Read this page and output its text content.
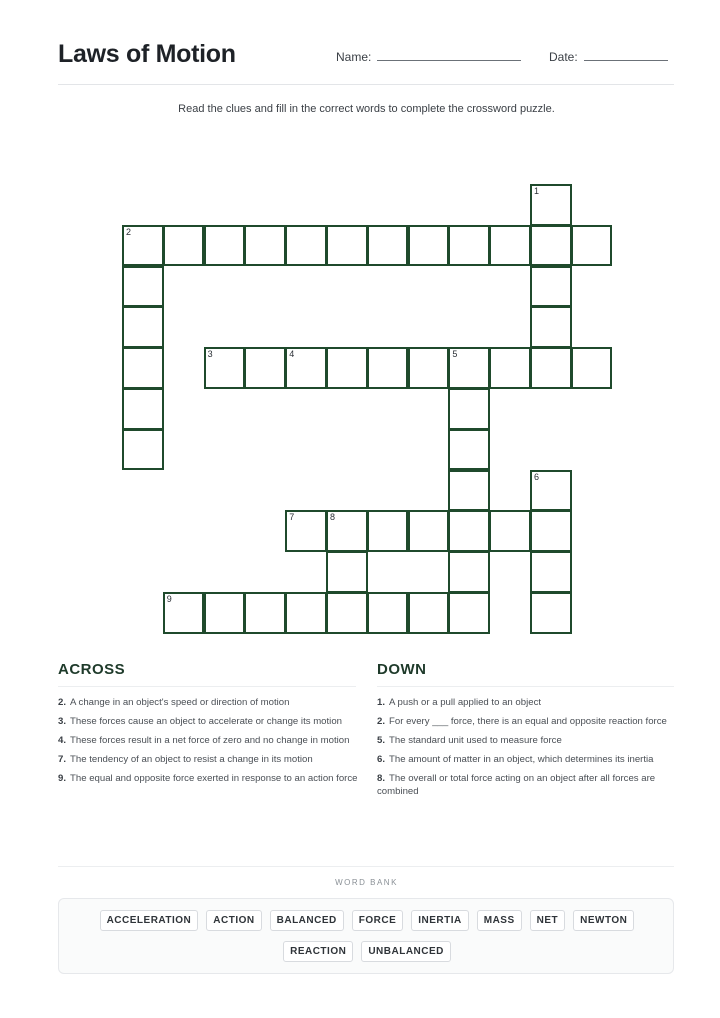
Laws of Motion	Name:	Date:
Read the clues and fill in the correct words to complete the crossword puzzle.
1
2
3	4	5
6
7	8
9
ACROSS
2. A change in an object's speed or direction of motion
3. These forces cause an object to accelerate or change its motion
4. These forces result in a net force of zero and no change in motion
7. The tendency of an object to resist a change in its motion
9. The equal and opposite force exerted in response to an action force
DOWN
1. A push or a pull applied to an object
2. For every ___ force, there is an equal and opposite reaction force
5. The standard unit used to measure force
6. The amount of matter in an object, which determines its inertia
8. The overall or total force acting on an object after all forces are combined
WORD BANK
ACCELERATION	ACTION	BALANCED	FORCE	INERTIA	MASS	NET	NEWTON
REACTION	UNBALANCED
